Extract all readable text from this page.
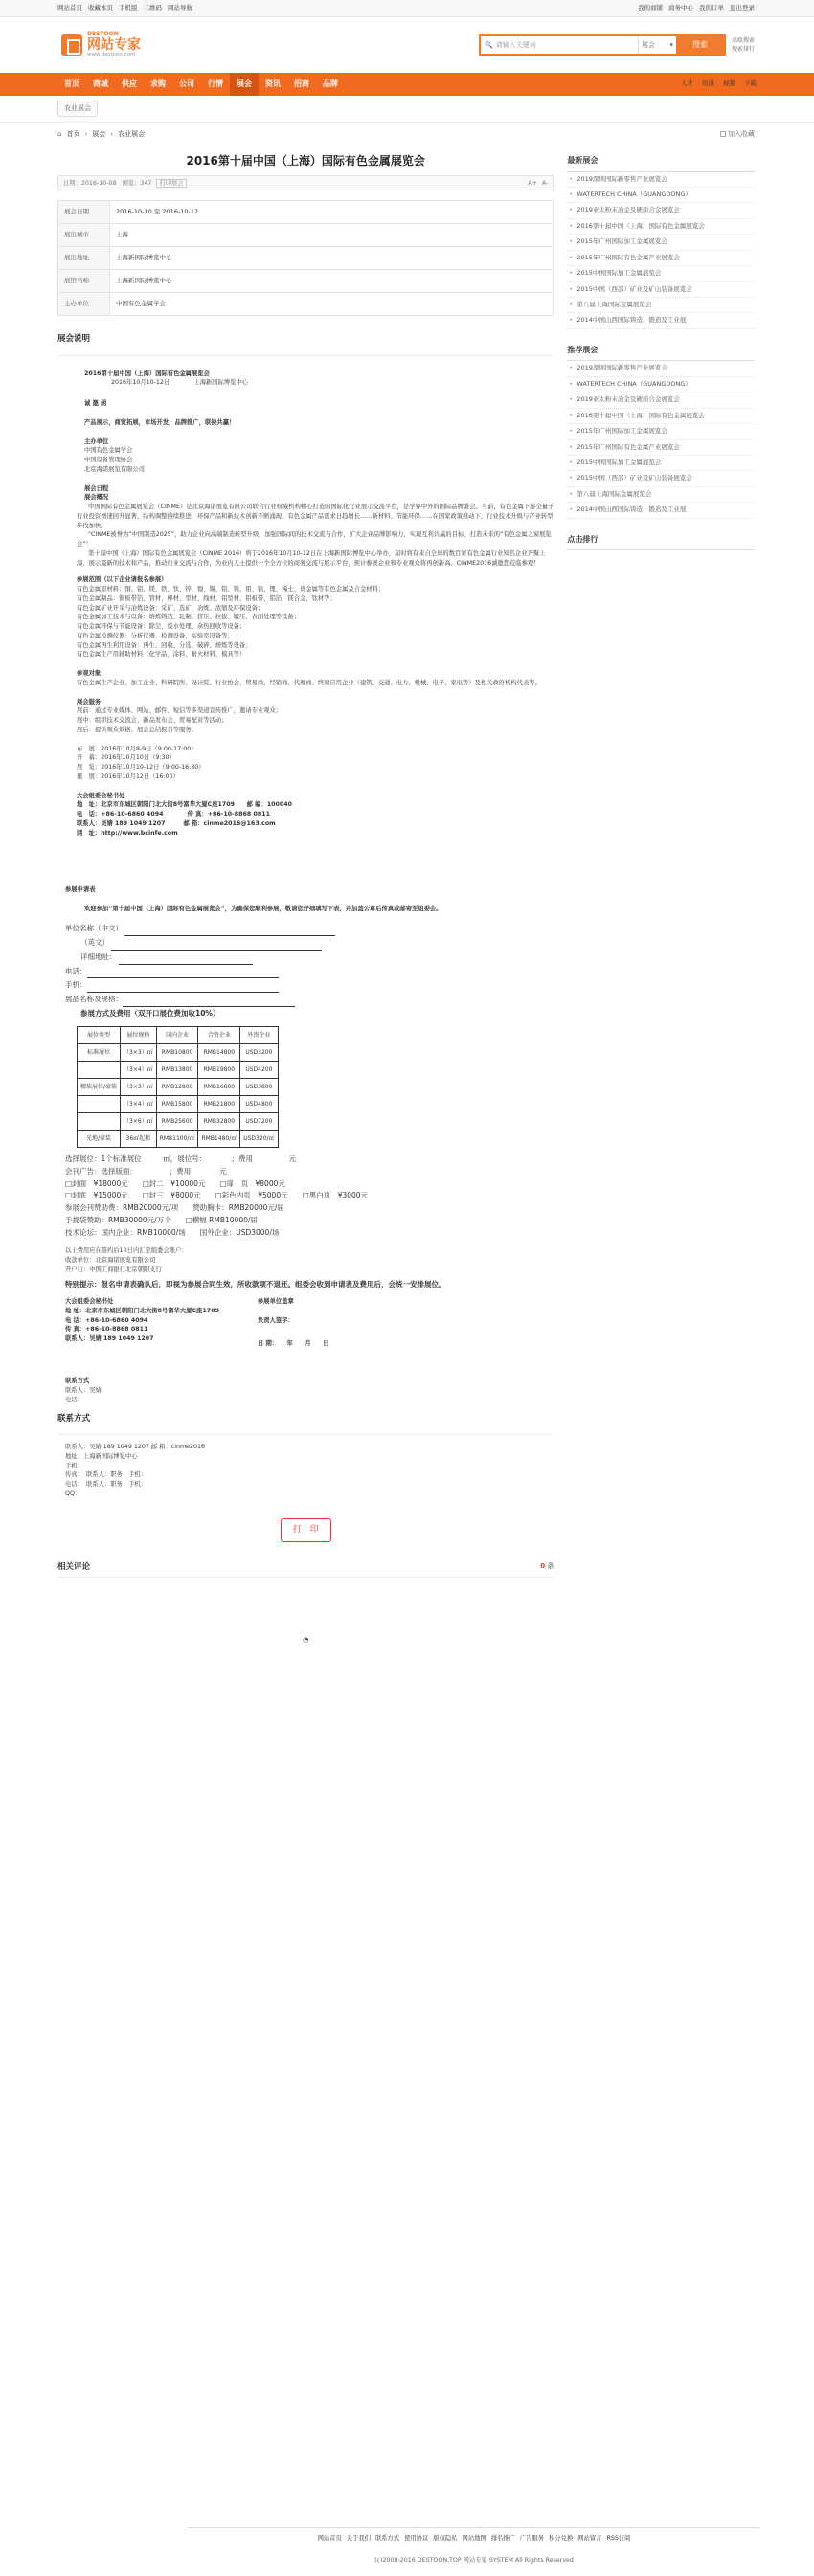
网站首页 收藏本页 手机版 二维码 网站导航	我的商铺 商务中心 我的订单 退出登录
DESTOON
网站专家
www.destoon.com
🔍 请输入关键词	展会 ▾	搜索	高级搜索
搜索排行
首页	商城	供应	求购	公司	行情	展会	资讯	招商	品牌	人才 知道 视频 下载
农业展会
⌂ 首页 › 展会 › 农业展会	加入收藏
2016第十届中国（上海）国际有色金属展览会
日期：2016-10-08 浏览：347 打印展会	A+ A-
展会日期	2016-10-10 至 2016-10-12
展出城市	上海
展出地址	上海新国际博览中心
展馆名称	上海新国际博览中心
主办单位	中国有色金属学会
展会说明

2016第十届中国（上海）国际有色金属展览会

2016年10月10-12日　　　　上海新国际博览中心

诚 邀 函

产品展示，商贸拓展，市场开发，品牌推广，联袂共赢！

主办单位

中国有色金属学会

中国设备管理协会

北京海诺展览有限公司

展会日程

展会概况

中国国际有色金属展览会（CINME）是北京海诺展览有限公司联合行业权威机构精心打造的国际化行业展示交流平台，是学界中外的国际品牌盛会。当前，有色金属下游全量子行业投资增速回升显著，结构调整持续推进，环保产品和新技术创新不断涌现，有色金属产品需求日趋增长……新材料、节能环保……在国家政策推动下，行业技术升级与产业转型步伐加快。

“CINME被誉为“中国制造2025”，助力企业向高端制造转型升级，加强国际间的技术交流与合作，扩大企业品牌影响力，实现互利共赢的目标，打造未来的“有色金属之窗展览会”！

第十届中国（上海）国际有色金属展览会（CINME 2016）将于2016年10月10-12日在上海新国际博览中心举办，届时将有来自全球的数百家有色金属行业知名企业齐聚上海，展示最新的技术和产品，推动行业交流与合作，为业内人士提供一个全方位的商务交流与展示平台，预计参展企业和专业观众将再创新高。CINME2016诚邀您莅临参观！

参展范围（以下企业请报名参展）

有色金属原材料：铜、铝、镁、铁、钛、锌、镍、锡、铅、钨、钼、钴、锂、稀土、贵金属等有色金属及合金材料；

有色金属制品：铜板带箔、管材、棒材、型材、线材、铝型材、铝板带、铝箔、镁合金、钛材等；

有色金属矿业开采与冶炼设备：采矿、选矿、冶炼、浓缩及环保设备；

有色金属加工技术与设备：熔炼铸造、轧制、挤压、拉拔、锻压、表面处理等设备；

有色金属环保与节能设备：除尘、废水处理、余热回收等设备；

有色金属检测仪器：分析仪器、检测设备、实验室设备等；

有色金属再生利用设备：再生、回收、分选、破碎、熔炼等设备；

有色金属生产用辅助材料（化学品、涂料、耐火材料、模具等）

参观对象

有色金属生产企业、加工企业、科研院所、设计院、行业协会、贸易商、经销商、代理商、终端应用企业（建筑、交通、电力、机械、电子、家电等）及相关政府机构代表等。

展会服务

展前：通过专业媒体、网站、邮件、短信等多渠道宣传推广，邀请专业观众；

展中：组织技术交流会、新品发布会、贸易配对等活动；

展后：提供观众数据、展会总结报告等服务。

布　展：2016年10月8-9日（9:00-17:00）

开　幕：2016年10月10日（9:30）

展　览：2016年10月10-12日（9:00-16:30）

撤　展：2016年10月12日（16:00）

大会组委会秘书处

地　址：北京市东城区朝阳门北大街8号富华大厦C座1709　　邮 编：100040

电　话：+86-10-6860 4094　　　　传 真：+86-10-8868 0811

联系人：吴婧 189 1049 1207　　　邮 箱：cinme2016@163.com

网　址：http://www.bcinfe.com

参展申请表

欢迎参加“第十届中国（上海）国际有色金属展览会”，为确保您顺利参展，敬请您仔细填写下表，并加盖公章后传真或邮寄至组委会。

单位名称（中文）
（英文）
详细地址：
电话：
手机：
展品名称及规格：
参展方式及费用（双开口展位费加收10%）
展位类型	展位规格	国内企业	合资企业	外资企业
标准展位	（3×3）㎡	RMB10800	RMB14800	USD3200
	（3×4）㎡	RMB13800	RMB19800	USD4200
精装展位/豪装	（3×3）㎡	RMB12800	RMB16800	USD3800
	（3×4）㎡	RMB15800	RMB21800	USD4800
	（3×6）㎡	RMB25600	RMB32800	USD7200
光地/豪装	36㎡起租	RMB1100/㎡	RMB1480/㎡	USD320/㎡

选择展位：1个标准展位　　　㎡，展位号：　　　　；费用　　　　　元

会刊广告：选择版面：　　　　　；费用　　　　元

□封面　¥18000元　　□封二　¥10000元　　□扉　页　¥8000元

□封底　¥15000元　　□封三　¥8000元　　□彩色内页　¥5000元　　□黑白页　¥3000元

参展会刊赞助费：RMB20000元/项　　赞助胸卡：RMB20000元/届

手提袋赞助：RMB30000元/万个　　□横幅 RMB10000/届

技术论坛：国内企业：RMB10000/场　　国外企业：USD3000/场

以上费用应在签约后10日内汇至组委会账户：

收款单位：北京海诺展览有限公司

开户行：中国工商银行北京朝阳支行

特别提示：报名申请表确认后，即视为参展合同生效，所收款项不退还。组委会收到申请表及费用后，会统一安排展位。

大会组委会秘书处

地 址：北京市东城区朝阳门北大街8号富华大厦C座1709

电 话：+86-10-6860 4094

传 真：+86-10-8868 0811

联系人：吴婧 189 1049 1207

参展单位盖章

负责人签字：

日 期：　　年　　月　　日

联系方式

联系人：吴婧

电话：

联系方式

联系人：吴婧 189 1049 1207 邮 箱：cinme2016

地址：上海新国际博览中心

手机：

传真：　联系人：职务：手机：

电话：　联系人：职务：手机：

QQ：

打　印
相关评论	0 条
◔
最新展会
• 2019深圳国际新零售产业展览会
• WATERTECH CHINA（GUANGDONG）
• 2019亚太粉末冶金及硬质合金展览会
• 2016第十届中国（上海）国际有色金属展览会
• 2015年广州国际加工金属展览会
• 2015年广州国际有色金属产业展览会
• 2015中国国际加工金属展览会
• 2015中国（西部）矿业及矿山装备展览会
• 第八届上海国际金属展览会
• 2014中国山西国际铸造、锻造及工业展
推荐展会
• 2019深圳国际新零售产业展览会
• WATERTECH CHINA（GUANGDONG）
• 2019亚太粉末冶金及硬质合金展览会
• 2016第十届中国（上海）国际有色金属展览会
• 2015年广州国际加工金属展览会
• 2015年广州国际有色金属产业展览会
• 2015中国国际加工金属展览会
• 2015中国（西部）矿业及矿山装备展览会
• 第八届上海国际金属展览会
• 2014中国山西国际铸造、锻造及工业展
点击排行
网站首页 关于我们 联系方式 使用协议 版权隐私 网站地图 排名推广 广告服务 积分兑换 网站留言 RSS订阅
(c)2008-2016 DESTOON.TOP 网站专家 SYSTEM All Rights Reserved
